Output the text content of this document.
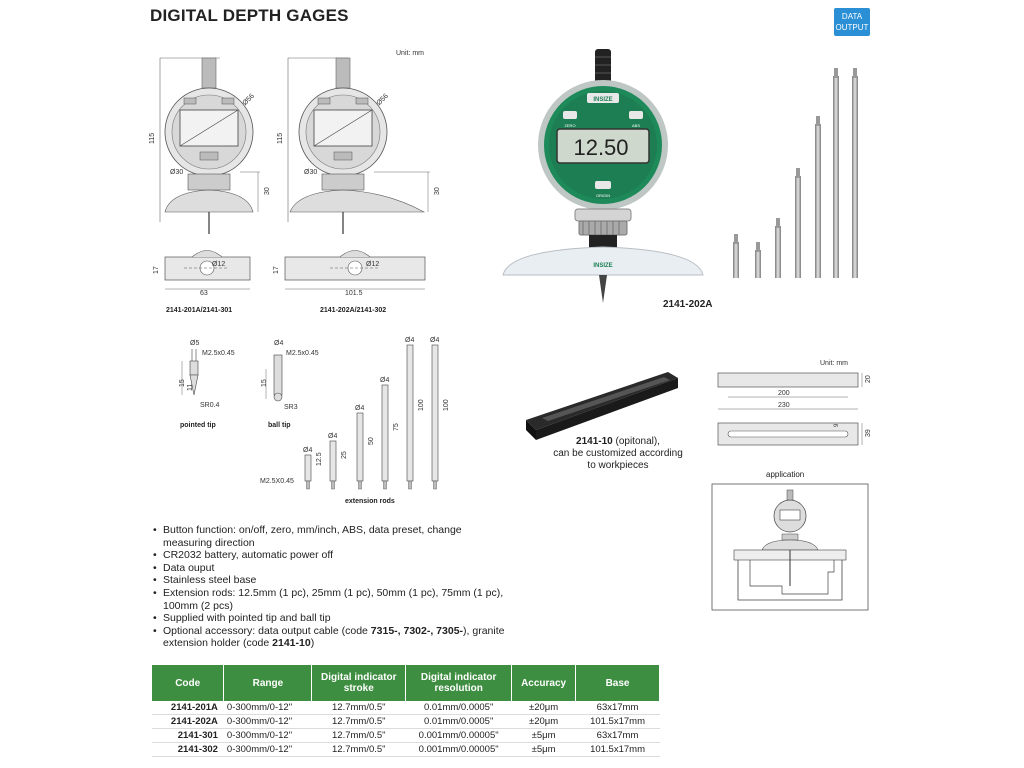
DIGITAL DEPTH GAGES	DATA
OUTPUT
Unit: mm
115
Ø56
Ø30
30
Ø12
17
63
2141-201A/2141-301
115
Ø56
Ø30
30
Ø12
17
101.5
2141-202A/2141-302
INSIZE
ZERO	ABS
12.50
ORIGIN
INSIZE
2141-202A
Ø5
M2.5x0.45
15
11
SR0.4
pointed tip
Ø4
M2.5x0.45
15
SR3
ball tip
Ø4
12.5
Ø4
25
Ø4
50
Ø4
75
Ø4
100
Ø4
100
M2.5X0.45
extension rods
2141-10 (opitonal),
can be customized according
to workpieces
Unit: mm
200
230
20
9
39
application
• Button function: on/off, zero, mm/inch, ABS, data preset, change measuring direction
• CR2032 battery, automatic power off
• Data ouput
• Stainless steel base
• Extension rods: 12.5mm (1 pc), 25mm (1 pc), 50mm (1 pc), 75mm (1 pc), 100mm (2 pcs)
• Supplied with pointed tip and ball tip
• Optional accessory: data output cable (code 7315-, 7302-, 7305-), granite extension holder (code 2141-10)
Code	Range	Digital indicator stroke	Digital indicator resolution	Accuracy	Base
2141-201A	0-300mm/0-12"	12.7mm/0.5"	0.01mm/0.0005"	±20μm	63x17mm
2141-202A	0-300mm/0-12"	12.7mm/0.5"	0.01mm/0.0005"	±20μm	101.5x17mm
2141-301	0-300mm/0-12"	12.7mm/0.5"	0.001mm/0.00005"	±5μm	63x17mm
2141-302	0-300mm/0-12"	12.7mm/0.5"	0.001mm/0.00005"	±5μm	101.5x17mm
